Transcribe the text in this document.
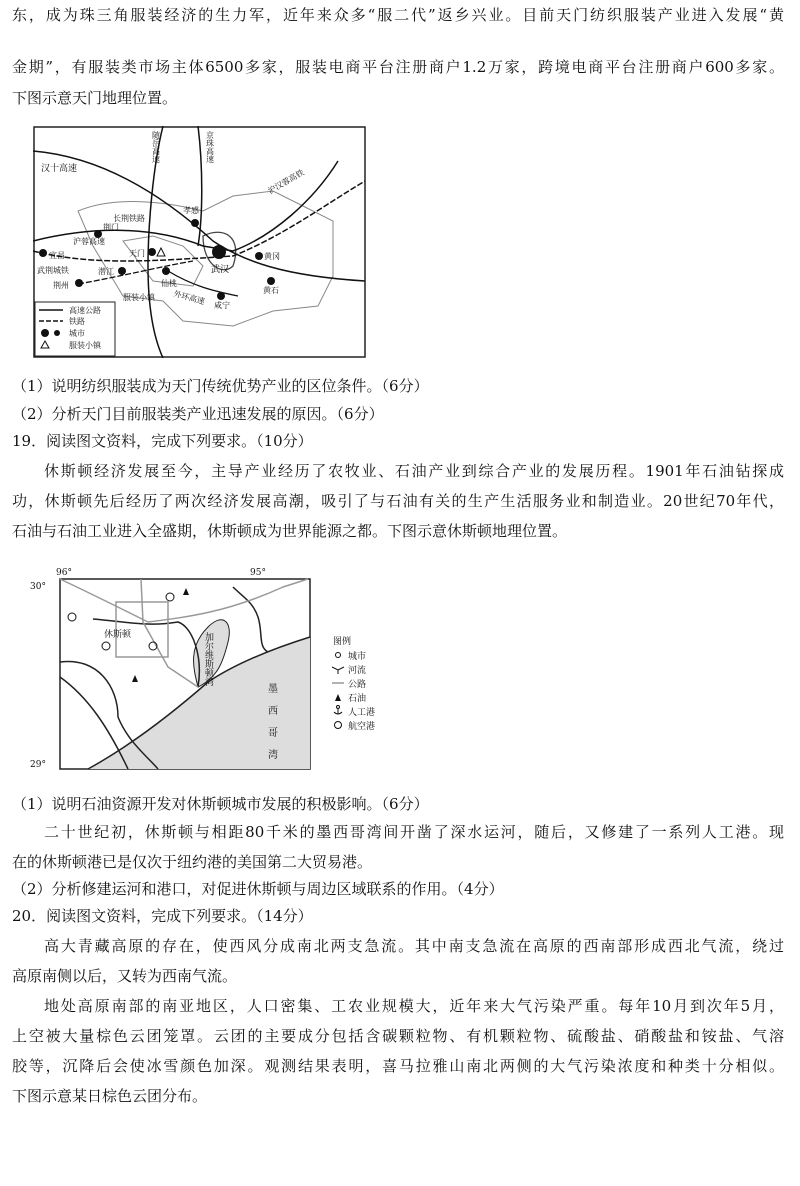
东，成为珠三角服装经济的生力军，近年来众多“服二代”返乡兴业。目前天门纺织服装产业进入发展“黄
金期”，有服装类市场主体6500多家，服装电商平台注册商户1.2万家，跨境电商平台注册商户600多家。
下图示意天门地理位置。
汉十高速
随岳高速	京珠高速
沪汉蓉高铁
长荆铁路
沪蓉高速
武荆城铁
外环高速
荆门
宜昌	天门
潜江
荆州	仙桃
孝感
武汉
黄冈
黄石
咸宁
服装小镇
高速公路
铁路
城市
服装小镇
（1）说明纺织服装成为天门传统优势产业的区位条件。（6分）
（2）分析天门目前服装类产业迅速发展的原因。（6分）
19．阅读图文资料，完成下列要求。（10分）
休斯顿经济发展至今，主导产业经历了农牧业、石油产业到综合产业的发展历程。1901年石油钻探成
功，休斯顿先后经历了两次经济发展高潮，吸引了与石油有关的生产生活服务业和制造业。20世纪70年代，
石油与石油工业进入全盛期，休斯顿成为世界能源之都。下图示意休斯顿地理位置。
96°	95°
30°
29°
休斯顿	加尔维斯顿湾
墨
西
哥
湾
图例
城市
河流
公路
石油
人工港
航空港
（1）说明石油资源开发对休斯顿城市发展的积极影响。（6分）
二十世纪初，休斯顿与相距80千米的墨西哥湾间开凿了深水运河，随后，又修建了一系列人工港。现
在的休斯顿港已是仅次于纽约港的美国第二大贸易港。
（2）分析修建运河和港口，对促进休斯顿与周边区域联系的作用。（4分）
20．阅读图文资料，完成下列要求。（14分）
高大青藏高原的存在，使西风分成南北两支急流。其中南支急流在高原的西南部形成西北气流，绕过
高原南侧以后，又转为西南气流。
地处高原南部的南亚地区，人口密集、工农业规模大，近年来大气污染严重。每年10月到次年5月，
上空被大量棕色云团笼罩。云团的主要成分包括含碳颗粒物、有机颗粒物、硫酸盐、硝酸盐和铵盐、气溶
胶等，沉降后会使冰雪颜色加深。观测结果表明，喜马拉雅山南北两侧的大气污染浓度和种类十分相似。
下图示意某日棕色云团分布。
